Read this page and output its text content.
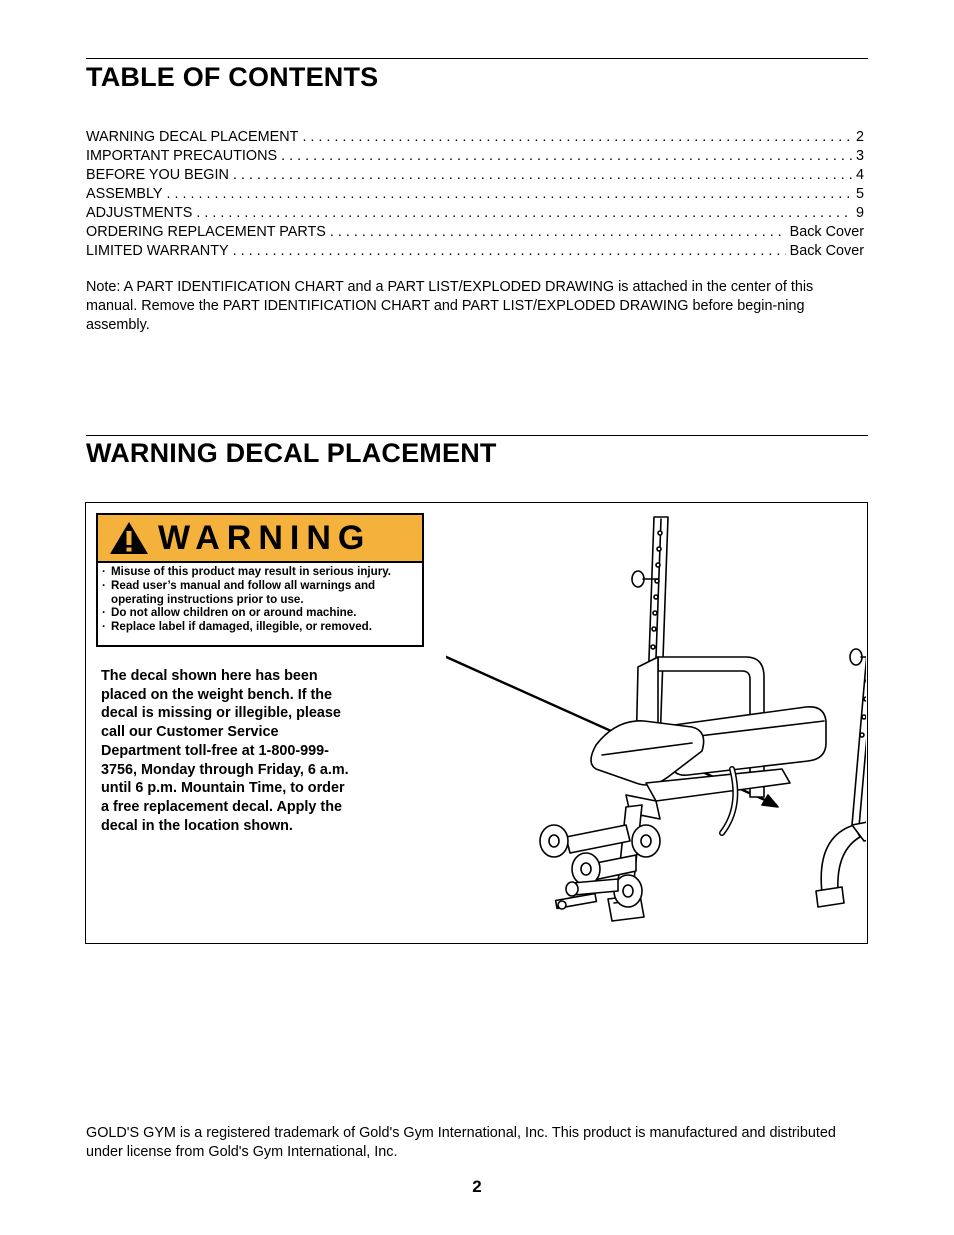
TABLE OF CONTENTS
WARNING DECAL PLACEMENT . . .	2
IMPORTANT PRECAUTIONS . . .	3
BEFORE YOU BEGIN . . .	4
ASSEMBLY . . .	5
ADJUSTMENTS . . .	9
ORDERING REPLACEMENT PARTS . . .	Back Cover
LIMITED WARRANTY . . .	Back Cover

Note: A PART IDENTIFICATION CHART and a PART LIST/EXPLODED DRAWING is attached in the center of this manual. Remove the PART IDENTIFICATION CHART and PART LIST/EXPLODED DRAWING before begin-ning assembly.

WARNING DECAL PLACEMENT
WARNING
· Misuse of this product may result in serious injury.
· Read user’s manual and follow all warnings and operating instructions prior to use.
· Do not allow children on or around machine.
· Replace label if damaged, illegible, or removed.

The decal shown here has been placed on the weight bench. If the decal is missing or illegible, please call our Customer Service Department toll-free at 1-800-999-3756, Monday through Friday, 6 a.m. until 6 p.m. Mountain Time, to order a free replacement decal. Apply the decal in the location shown.

GOLD'S GYM is a registered trademark of Gold's Gym International, Inc. This product is manufactured and distributed under license from Gold's Gym International, Inc.

2
